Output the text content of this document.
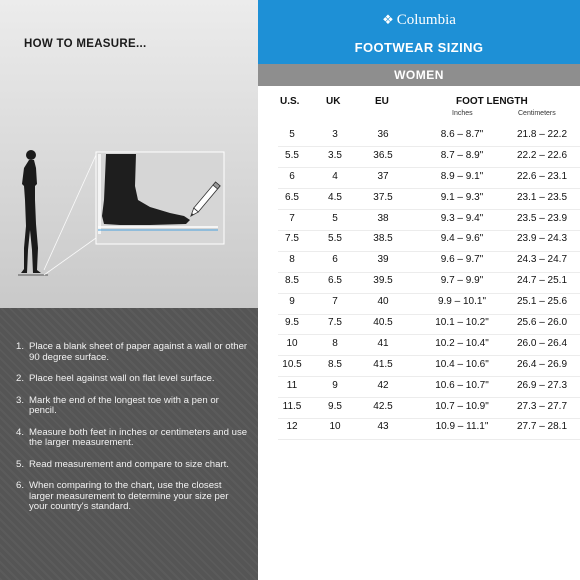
HOW TO MEASURE...
1. Place a blank sheet of paper against a wall or other 90 degree surface.
2. Place heel against wall on flat level surface.
3. Mark the end of the longest toe with a pen or pencil.
4. Measure both feet in inches or centimeters and use the larger measurement.
5. Read measurement and compare to size chart.
6. When comparing to the chart, use the closest larger measurement to determine your size per your country's standard.
❖ Columbia
FOOTWEAR SIZING
WOMEN
U.S.	UK	EU	FOOT LENGTH
Inches	Centimeters
5	3	36	8.6 – 8.7"	21.8 – 22.2
5.5	3.5	36.5	8.7 – 8.9"	22.2 – 22.6
6	4	37	8.9 – 9.1"	22.6 – 23.1
6.5	4.5	37.5	9.1 – 9.3"	23.1 – 23.5
7	5	38	9.3 – 9.4"	23.5 – 23.9
7.5	5.5	38.5	9.4 – 9.6"	23.9 – 24.3
8	6	39	9.6 – 9.7"	24.3 – 24.7
8.5	6.5	39.5	9.7 – 9.9"	24.7 – 25.1
9	7	40	9.9 – 10.1"	25.1 – 25.6
9.5	7.5	40.5	10.1 – 10.2"	25.6 – 26.0
10	8	41	10.2 – 10.4"	26.0 – 26.4
10.5	8.5	41.5	10.4 – 10.6"	26.4 – 26.9
11	9	42	10.6 – 10.7"	26.9 – 27.3
11.5	9.5	42.5	10.7 – 10.9"	27.3 – 27.7
12	10	43	10.9 – 11.1"	27.7 – 28.1
